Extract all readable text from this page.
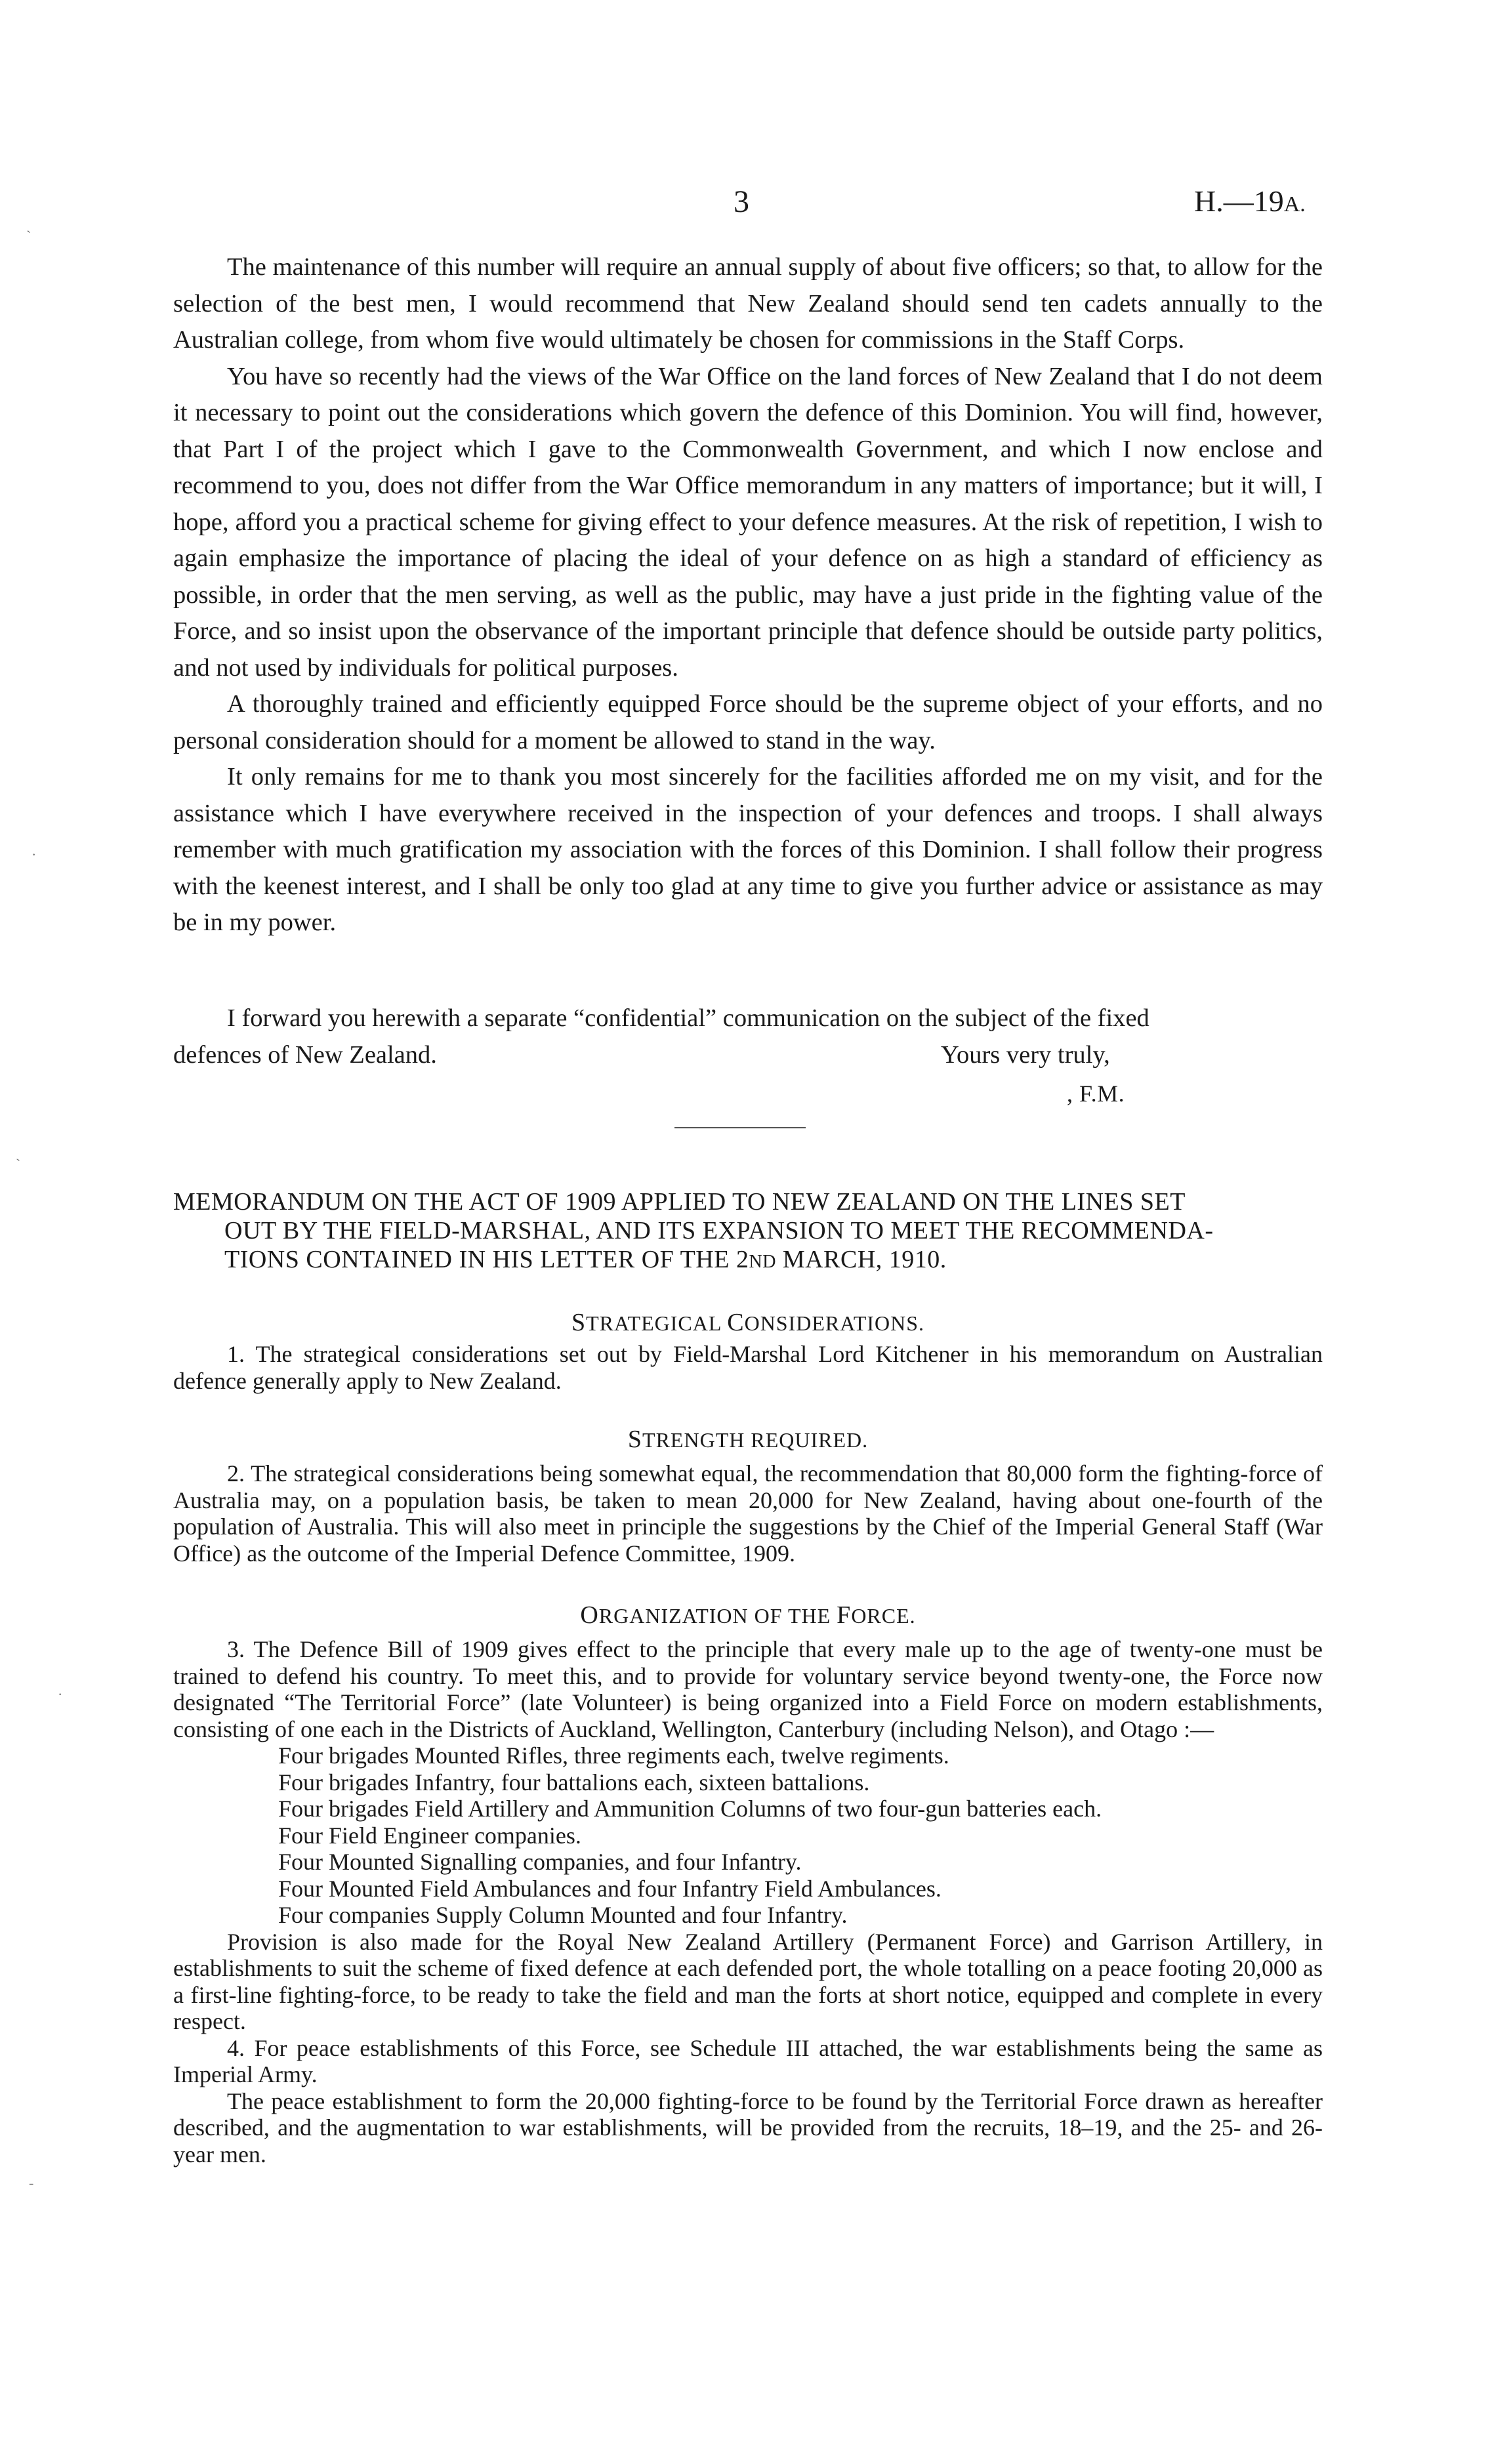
3	H.—19A.

The maintenance of this number will require an annual supply of about five officers; so that, to allow for the selection of the best men, I would recommend that New Zealand should send ten cadets annually to the Australian college, from whom five would ultimately be chosen for commissions in the Staff Corps.

You have so recently had the views of the War Office on the land forces of New Zealand that I do not deem it necessary to point out the considerations which govern the defence of this Dominion. You will find, however, that Part I of the project which I gave to the Commonwealth Government, and which I now enclose and recommend to you, does not differ from the War Office memorandum in any matters of importance; but it will, I hope, afford you a practical scheme for giving effect to your defence measures. At the risk of repetition, I wish to again emphasize the importance of placing the ideal of your defence on as high a standard of efficiency as possible, in order that the men serving, as well as the public, may have a just pride in the fighting value of the Force, and so insist upon the observance of the important principle that defence should be outside party politics, and not used by individuals for political purposes.

A thoroughly trained and efficiently equipped Force should be the supreme object of your efforts, and no personal consideration should for a moment be allowed to stand in the way.

It only remains for me to thank you most sincerely for the facilities afforded me on my visit, and for the assistance which I have everywhere received in the inspection of your defences and troops. I shall always remember with much gratification my association with the forces of this Dominion. I shall follow their progress with the keenest interest, and I shall be only too glad at any time to give you further advice or assistance as may be in my power.

I forward you herewith a separate “confidential” communication on the subject of the fixed

defences of New Zealand.	Yours very truly,
, F.M.
MEMORANDUM ON THE ACT OF 1909 APPLIED TO NEW ZEALAND ON THE LINES SET
OUT BY THE FIELD-MARSHAL, AND ITS EXPANSION TO MEET THE RECOMMENDA-
TIONS CONTAINED IN HIS LETTER OF THE 2ND MARCH, 1910.
STRATEGICAL CONSIDERATIONS.

1. The strategical considerations set out by Field-Marshal Lord Kitchener in his memorandum on Australian defence generally apply to New Zealand.

STRENGTH REQUIRED.

2. The strategical considerations being somewhat equal, the recommendation that 80,000 form the fighting-force of Australia may, on a population basis, be taken to mean 20,000 for New Zealand, having about one-fourth of the population of Australia. This will also meet in principle the suggestions by the Chief of the Imperial General Staff (War Office) as the outcome of the Imperial Defence Committee, 1909.

ORGANIZATION OF THE FORCE.

3. The Defence Bill of 1909 gives effect to the principle that every male up to the age of twenty-one must be trained to defend his country. To meet this, and to provide for voluntary service beyond twenty-one, the Force now designated “The Territorial Force” (late Volunteer) is being organized into a Field Force on modern establishments, consisting of one each in the Districts of Auckland, Wellington, Canterbury (including Nelson), and Otago :—

Four brigades Mounted Rifles, three regiments each, twelve regiments.
Four brigades Infantry, four battalions each, sixteen battalions.
Four brigades Field Artillery and Ammunition Columns of two four-gun batteries each.
Four Field Engineer companies.
Four Mounted Signalling companies, and four Infantry.
Four Mounted Field Ambulances and four Infantry Field Ambulances.
Four companies Supply Column Mounted and four Infantry.

Provision is also made for the Royal New Zealand Artillery (Permanent Force) and Garrison Artillery, in establishments to suit the scheme of fixed defence at each defended port, the whole totalling on a peace footing 20,000 as a first-line fighting-force, to be ready to take the field and man the forts at short notice, equipped and complete in every respect.

4. For peace establishments of this Force, see Schedule III attached, the war establishments being the same as Imperial Army.

The peace establishment to form the 20,000 fighting-force to be found by the Territorial Force drawn as hereafter described, and the augmentation to war establishments, will be provided from the recruits, 18–19, and the 25- and 26-year men.

ˏ
·
ˎ
·
-
